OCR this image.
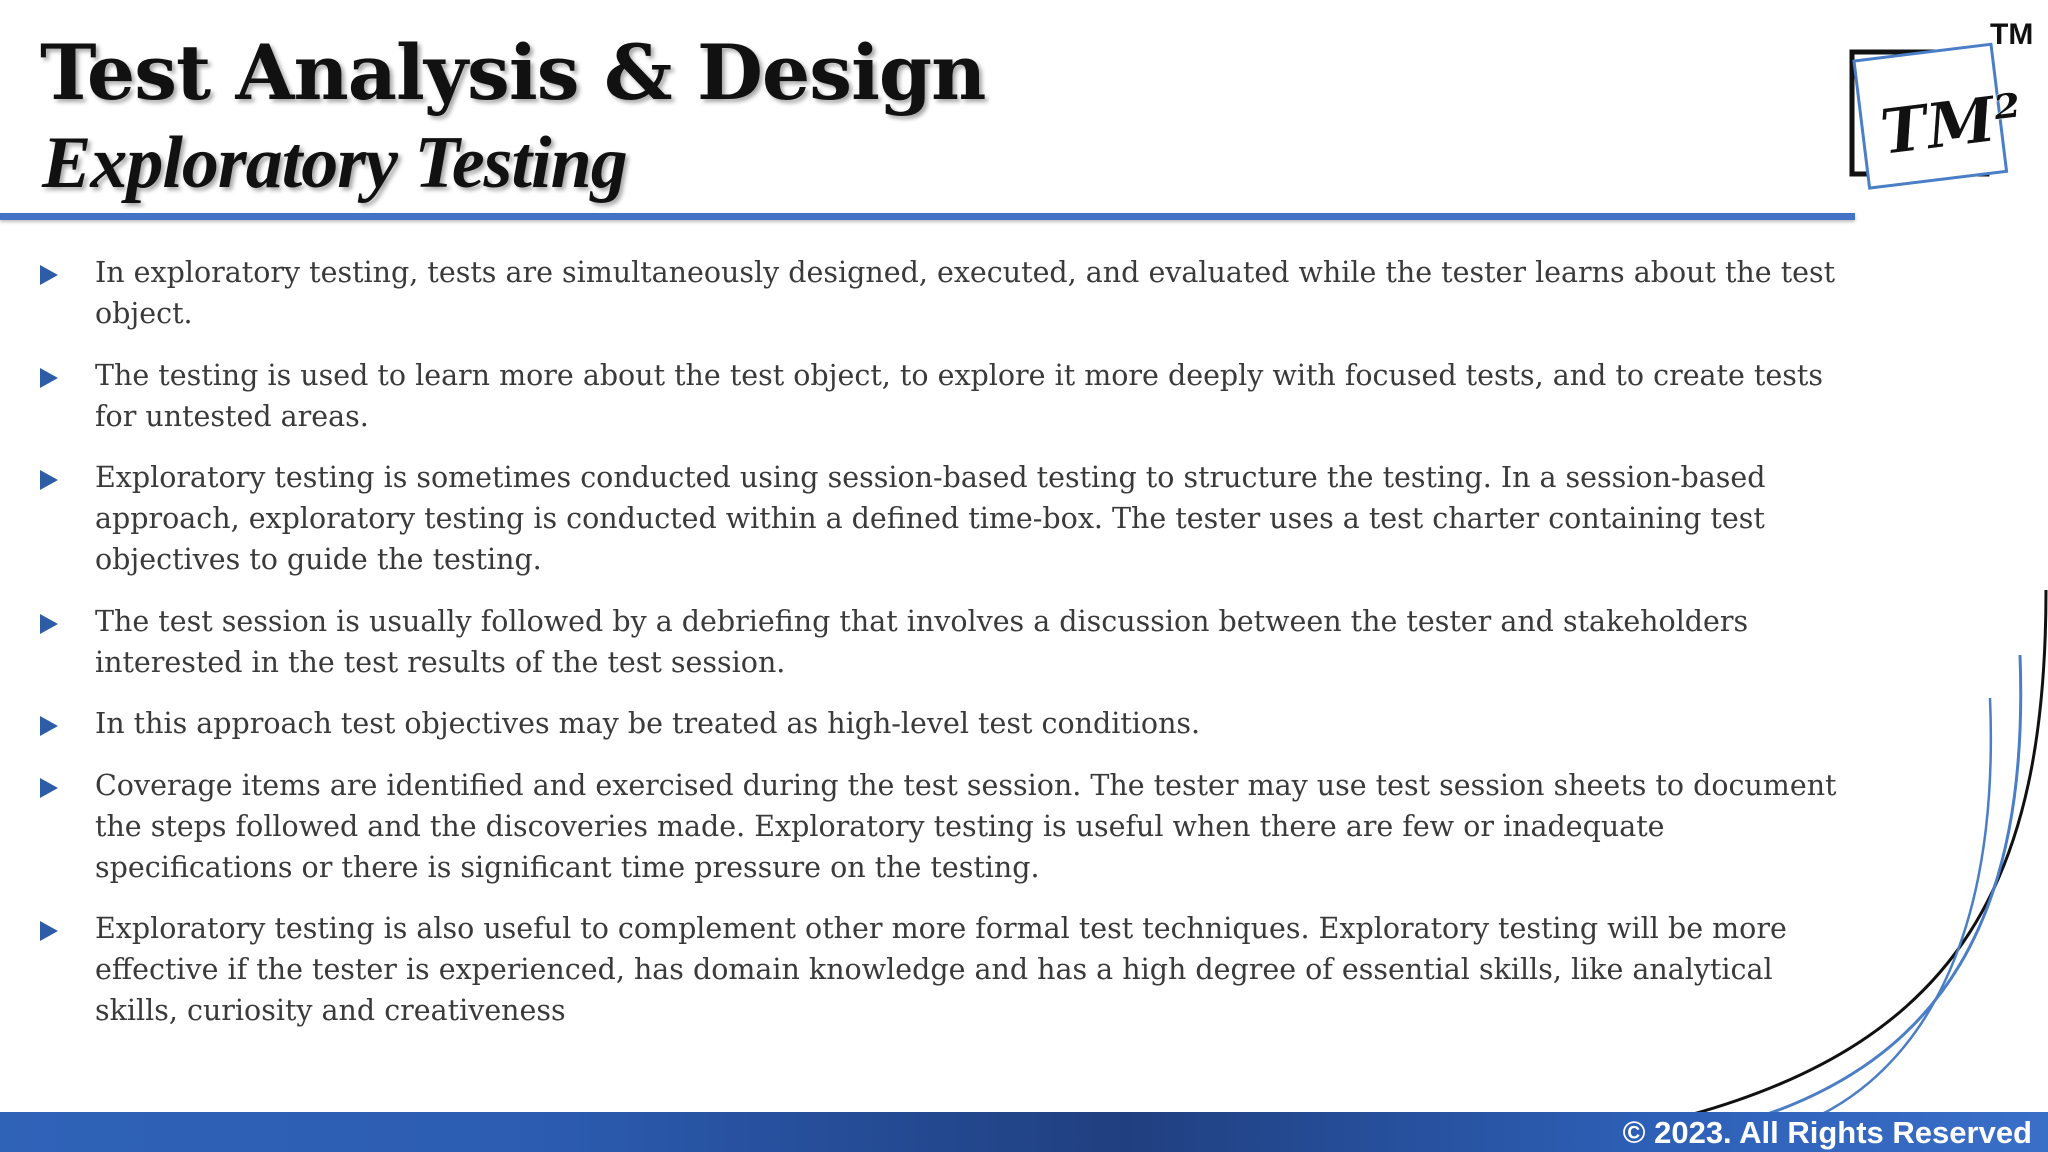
Test Analysis & Design
Exploratory Testing	TM²
TM
In exploratory testing, tests are simultaneously designed, executed, and evaluated while the tester learns about the test object.
The testing is used to learn more about the test object, to explore it more deeply with focused tests, and to create tests for untested areas.
Exploratory testing is sometimes conducted using session-based testing to structure the testing. In a session-based approach, exploratory testing is conducted within a defined time-box. The tester uses a test charter containing test objectives to guide the testing.
The test session is usually followed by a debriefing that involves a discussion between the tester and stakeholders interested in the test results of the test session.
In this approach test objectives may be treated as high-level test conditions.
Coverage items are identified and exercised during the test session. The tester may use test session sheets to document the steps followed and the discoveries made. Exploratory testing is useful when there are few or inadequate specifications or there is significant time pressure on the testing.
Exploratory testing is also useful to complement other more formal test techniques. Exploratory testing will be more effective if the tester is experienced, has domain knowledge and has a high degree of essential skills, like analytical skills, curiosity and creativeness
© 2023. All Rights Reserved
